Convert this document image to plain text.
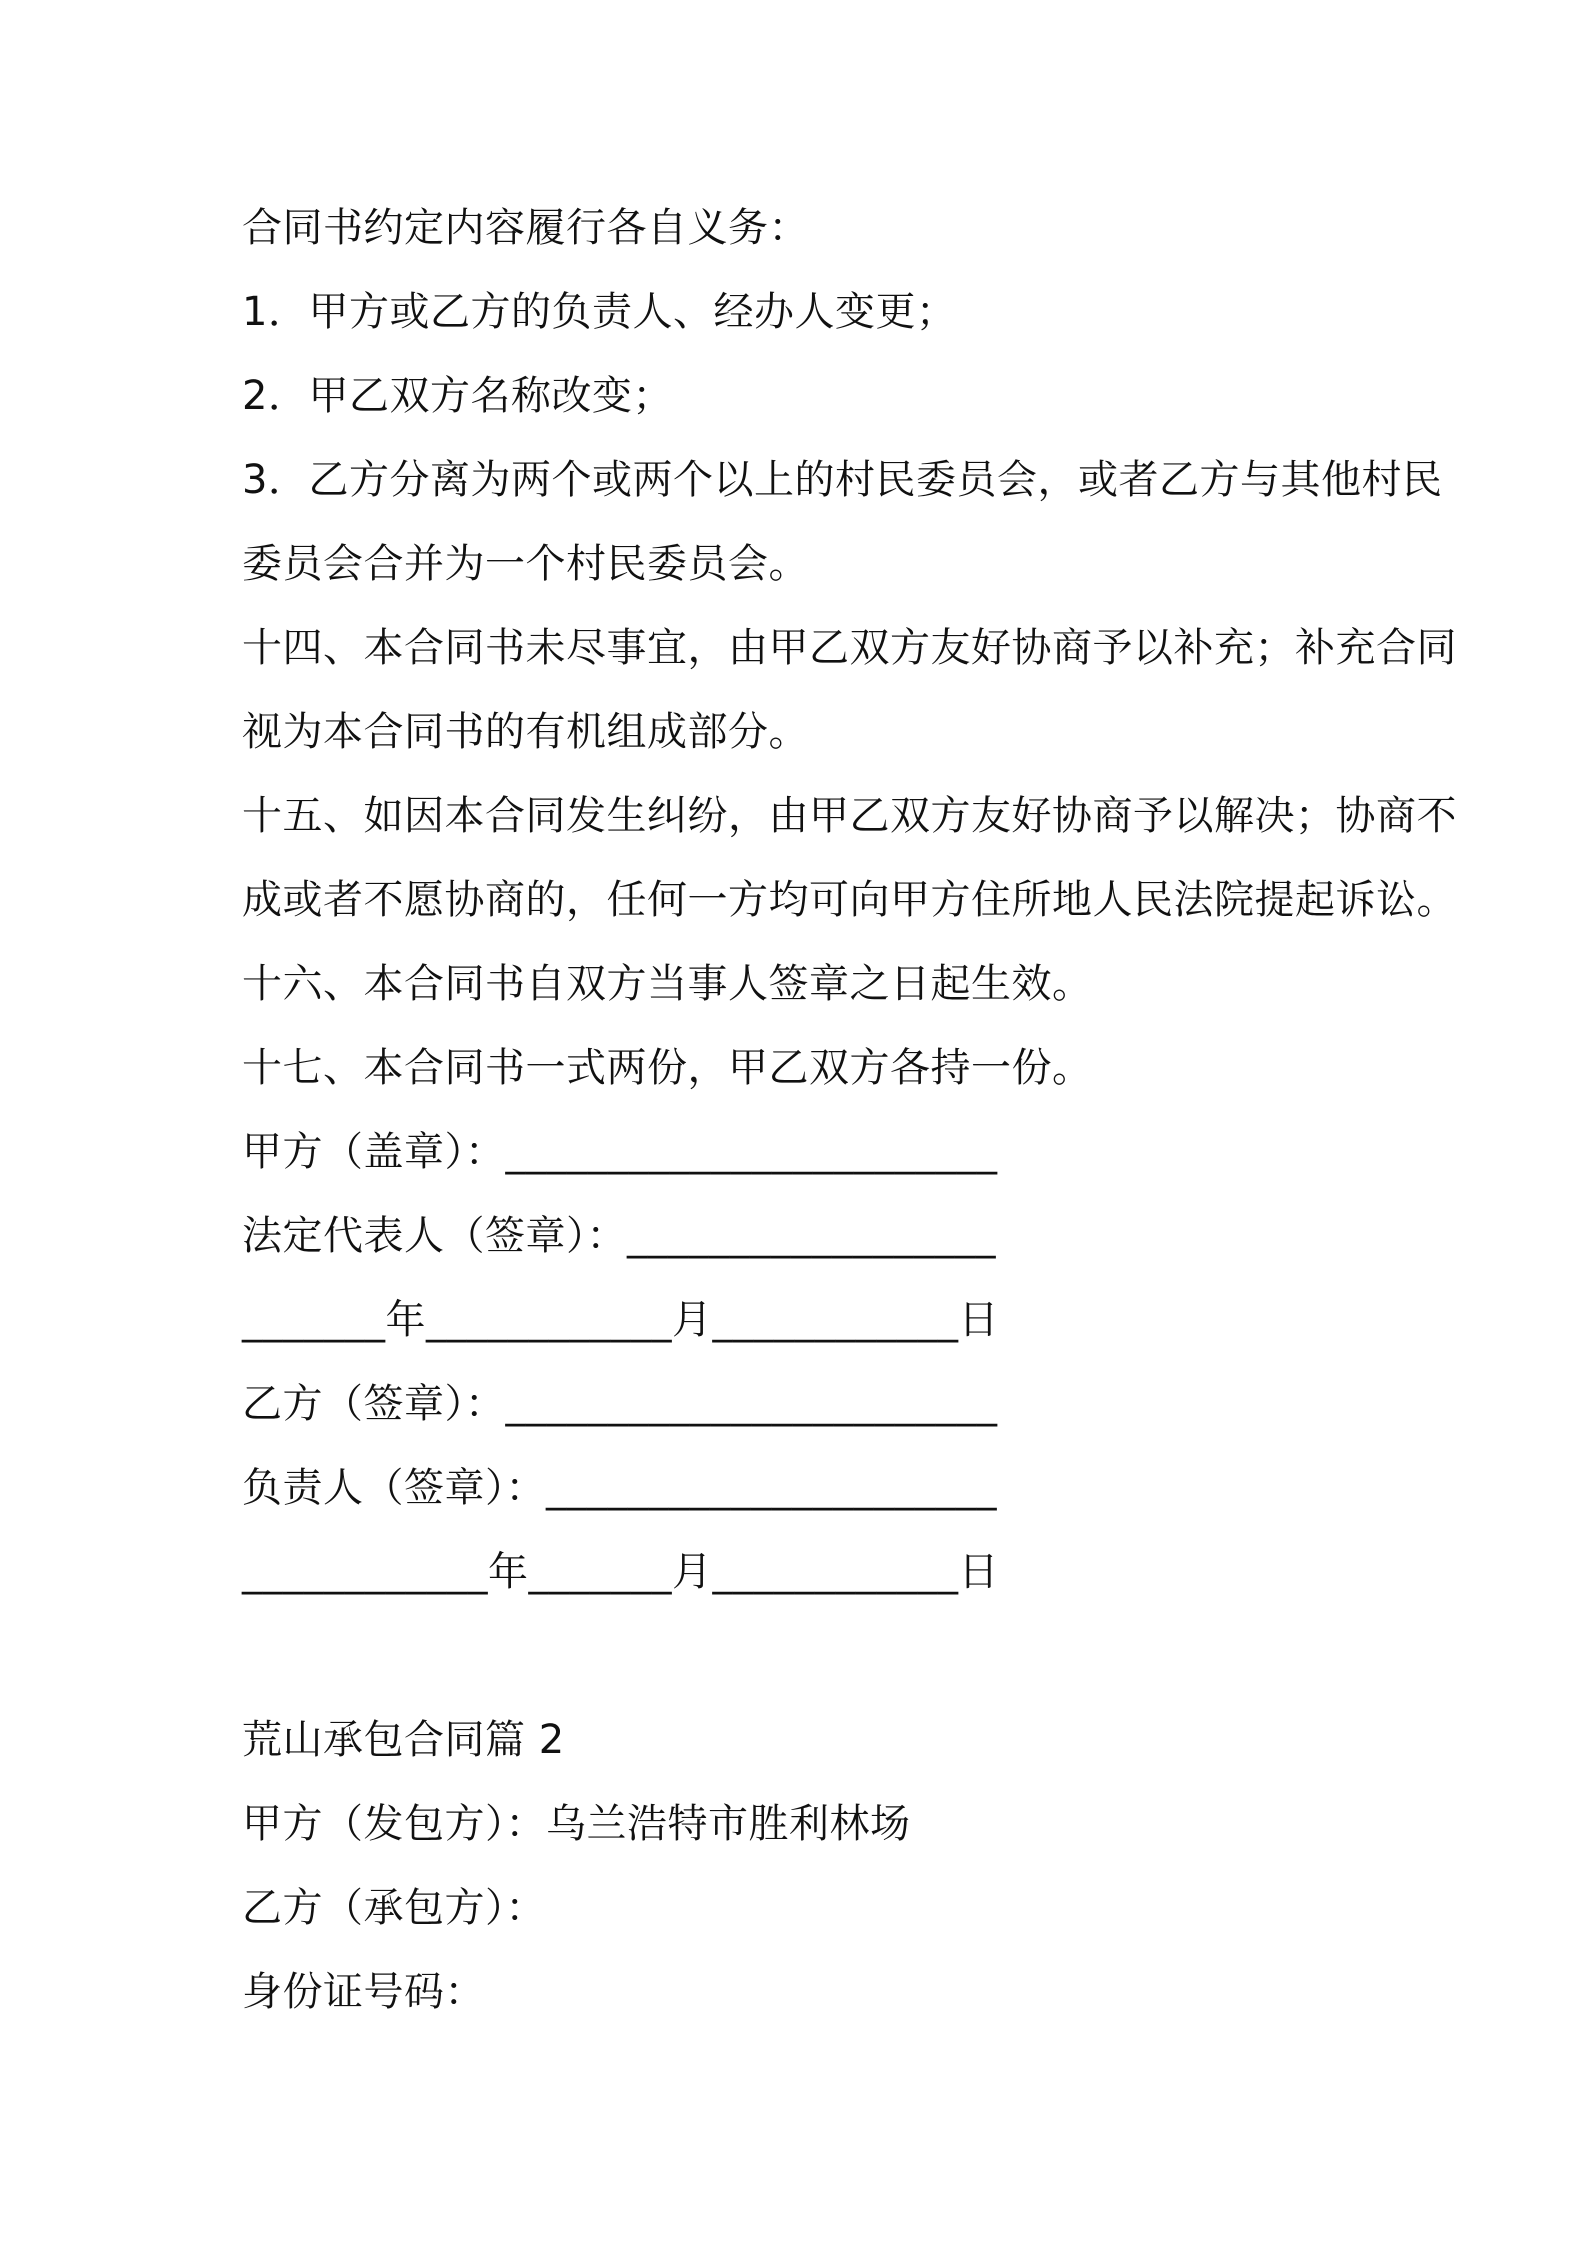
合同书约定内容履行各自义务：
1．甲方或乙方的负责人、经办人变更；
2．甲乙双方名称改变；
3．乙方分离为两个或两个以上的村民委员会，或者乙方与其他村民
委员会合并为一个村民委员会。
十四、本合同书未尽事宜，由甲乙双方友好协商予以补充；补充合同
视为本合同书的有机组成部分。
十五、如因本合同发生纠纷，由甲乙双方友好协商予以解决；协商不
成或者不愿协商的，任何一方均可向甲方住所地人民法院提起诉讼。
十六、本合同书自双方当事人签章之日起生效。
十七、本合同书一式两份，甲乙双方各持一份。
甲方（盖章）：________________________
法定代表人（签章）：__________________
_______年____________月____________日
乙方（签章）：________________________
负责人（签章）：______________________
____________年_______月____________日
荒山承包合同篇 2
甲方（发包方）：乌兰浩特市胜利林场
乙方（承包方）：
身份证号码：
